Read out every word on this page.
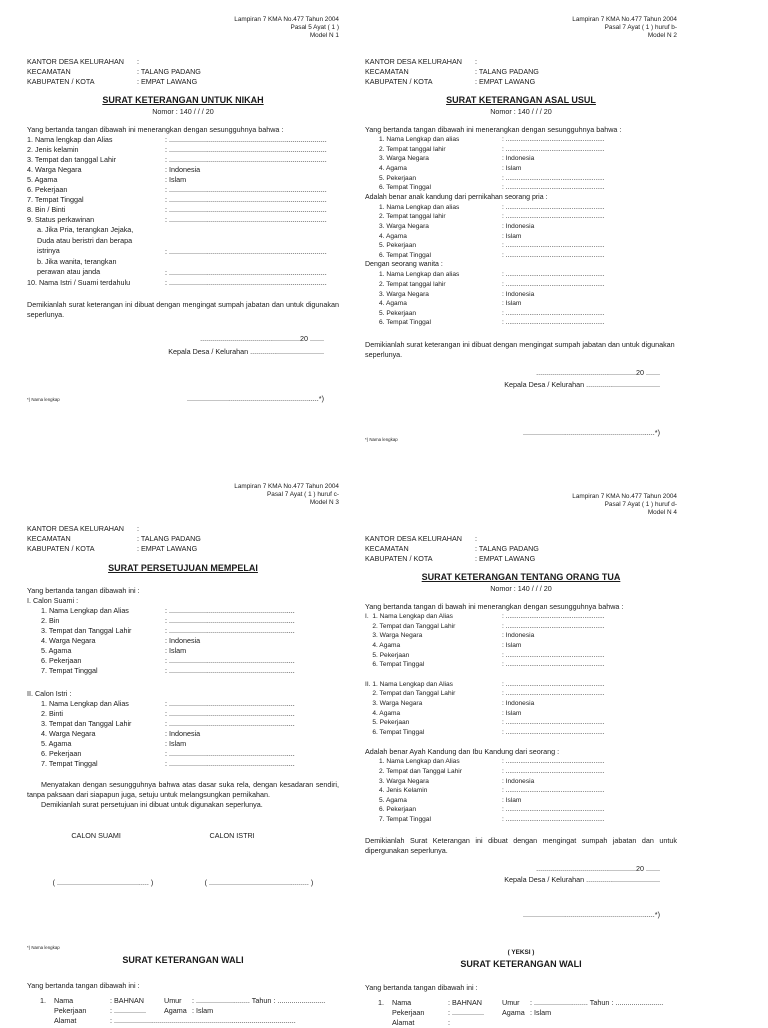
Lampiran 7 KMA No.477 Tahun 2004
Pasal 5 Ayat ( 1 )
Model N 1
KANTOR DESA KELURAHAN	:
KECAMATAN	: TALANG PADANG
KABUPATEN / KOTA	: EMPAT LAWANG
SURAT KETERANGAN UNTUK NIKAH
Nomor : 140 / / / 20
Yang bertanda tangan dibawah ini menerangkan dengan sesungguhnya bahwa :
1. Nama lengkap dan Alias	: ...............................................................................
2. Jenis kelamin	: ...............................................................................
3. Tempat dan tanggal Lahir	: ...............................................................................
4. Warga Negara	: Indonesia
5. Agama	: Islam
6. Pekerjaan	: ...............................................................................
7. Tempat Tinggal	: ...............................................................................
8. Bin / Binti	: ...............................................................................
9. Status perkawinan	: ...............................................................................
a. Jika Pria, terangkan Jejaka, Duda atau beristri dan berapa istrinya	: ...............................................................................
b. Jika wanita, terangkan perawan atau janda	: ...............................................................................
10. Nama Istri / Suami terdahulu	: ...............................................................................
Demikianlah surat keterangan ini dibuat dengan mengingat sumpah jabatan dan untuk digunakan seperlunya.
..................................................20 .......
Kepala Desa / Kelurahan .....................................
*) Nama lengkap	..................................................................*)
Lampiran 7 KMA No.477 Tahun 2004
Pasal 7 Ayat ( 1 ) huruf b-
Model N 2
KANTOR DESA KELURAHAN	:
KECAMATAN	: TALANG PADANG
KABUPATEN / KOTA	: EMPAT LAWANG
SURAT KETERANGAN ASAL USUL
Nomor : 140 / / / 20
Yang bertanda tangan dibawah ini menerangkan dengan sesungguhnya bahwa :
1. Nama Lengkap dan alias	: ......................................................
2. Tempat tanggal lahir	: ......................................................
3. Warga Negara	: Indonesia
4. Agama	: Islam
5. Pekerjaan	: ......................................................
6. Tempat Tinggal	: ......................................................
Adalah benar anak kandung dari pernikahan seorang pria :
1. Nama Lengkap dan alias	: ......................................................
2. Tempat tanggal lahir	: ......................................................
3. Warga Negara	: Indonesia
4. Agama	: Islam
5. Pekerjaan	: ......................................................
6. Tempat Tinggal	: ......................................................
Dengan seorang wanita :
1. Nama Lengkap dan alias	: ......................................................
2. Tempat tanggal lahir	: ......................................................
3. Warga Negara	: Indonesia
4. Agama	: Islam
5. Pekerjaan	: ......................................................
6. Tempat Tinggal	: ......................................................
Demikianlah surat keterangan ini dibuat dengan mengingat sumpah jabatan dan untuk digunakan seperlunya.
..................................................20 .......
Kepala Desa / Kelurahan .....................................
*) Nama lengkap
..................................................................*)
Lampiran 7 KMA No.477 Tahun 2004
Pasal 7 Ayat ( 1 ) huruf c-
Model N 3
KANTOR DESA KELURAHAN	:
KECAMATAN	: TALANG PADANG
KABUPATEN / KOTA	: EMPAT LAWANG
SURAT PERSETUJUAN MEMPELAI
Yang bertanda tangan dibawah ini :
I. Calon Suami :
1. Nama Lengkap dan Alias	: ...............................................................
2. Bin	: ...............................................................
3. Tempat dan Tanggal Lahir	: ...............................................................
4. Warga Negara	: Indonesia
5. Agama	: Islam
6. Pekerjaan	: ...............................................................
7. Tempat Tinggal	: ...............................................................
II. Calon Istri :
1. Nama Lengkap dan Alias	: ...............................................................
2. Binti	: ...............................................................
3. Tempat dan Tanggal Lahir	: ...............................................................
4. Warga Negara	: Indonesia
5. Agama	: Islam
6. Pekerjaan	: ...............................................................
7. Tempat Tinggal	: ...............................................................
Menyatakan dengan sesungguhnya bahwa atas dasar suka rela, dengan kesadaran sendiri, tanpa paksaan dari siapapun juga, setuju untuk melangsungkan pernikahan.
Demikianlah surat persetujuan ini dibuat untuk digunakan seperlunya.
CALON SUAMI	CALON ISTRI
( .............................................. )	( .................................................. )
*) Nama lengkap
Lampiran 7 KMA No.477 Tahun 2004
Pasal 7 Ayat ( 1 ) huruf d-
Model N 4
KANTOR DESA KELURAHAN	:
KECAMATAN	: TALANG PADANG
KABUPATEN / KOTA	: EMPAT LAWANG
SURAT KETERANGAN TENTANG ORANG TUA
Nomor : 140 / / / 20
Yang bertanda tangan di bawah ini menerangkan dengan sesungguhnya bahwa :
I.  1. Nama Lengkap dan Alias	: ......................................................
2. Tempat dan Tanggal Lahir	: ......................................................
3. Warga Negara	: Indonesia
4. Agama	: Islam
5. Pekerjaan	: ......................................................
6. Tempat Tinggal	: ......................................................
II. 1. Nama Lengkap dan Alias	: ......................................................
2. Tempat dan Tanggal Lahir	: ......................................................
3. Warga Negara	: Indonesia
4. Agama	: Islam
5. Pekerjaan	: ......................................................
6. Tempat Tinggal	: ......................................................
Adalah benar Ayah Kandung dan Ibu Kandung dari seorang :
1. Nama Lengkap dan Alias	: ......................................................
2. Tempat dan Tanggal Lahir	: ......................................................
3. Warga Negara	: Indonesia
4. Jenis Kelamin	: ......................................................
5. Agama	: Islam
6. Pekerjaan	: ......................................................
7. Tempat Tinggal	: ......................................................
Demikianlah Surat Keterangan ini dibuat dengan mengingat sumpah jabatan dan untuk dipergunakan seperlunya.
..................................................20 .......
Kepala Desa / Kelurahan .....................................
..................................................................*)
SURAT KETERANGAN WALI
Yang bertanda tangan dibawah ini :
1.	Nama	: BAHNAN	Umur	: ........................... Tahun : ........................
Pekerjaan	: ................	Agama : Islam
Alamat	: ...........................................................................................
( YEKSI )
SURAT KETERANGAN WALI
Yang bertanda tangan dibawah ini :
1.	Nama	: BAHNAN	Umur	: ........................... Tahun : ........................
Pekerjaan	: ................	Agama : Islam
Alamat	:
